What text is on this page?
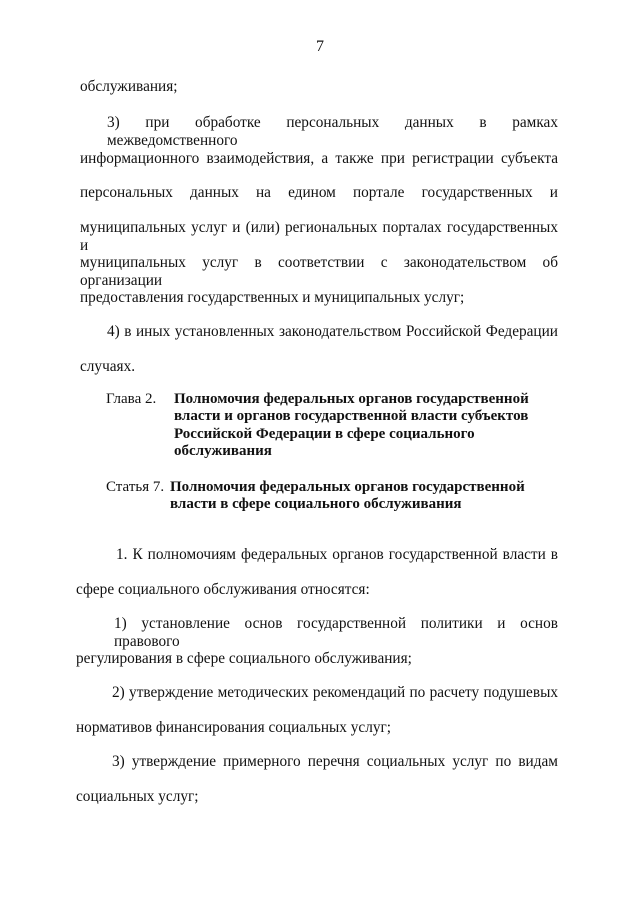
7
обслуживания;
3) при обработке персональных данных в рамках межведомственного
информационного взаимодействия, а также при регистрации субъекта
персональных данных на едином портале государственных и
муниципальных услуг и (или) региональных порталах государственных и
муниципальных услуг в соответствии с законодательством об организации
предоставления государственных и муниципальных услуг;
4) в иных установленных законодательством Российской Федерации
случаях.
Глава 2. Полномочия федеральных органов государственной
власти и органов государственной власти субъектов
Российской Федерации в сфере социального
обслуживания
Статья 7. Полномочия федеральных органов государственной
власти в сфере социального обслуживания
1. К полномочиям федеральных органов государственной власти в
сфере социального обслуживания относятся:
1) установление основ государственной политики и основ правового
регулирования в сфере социального обслуживания;
2) утверждение методических рекомендаций по расчету подушевых
нормативов финансирования социальных услуг;
3) утверждение примерного перечня социальных услуг по видам
социальных услуг;
